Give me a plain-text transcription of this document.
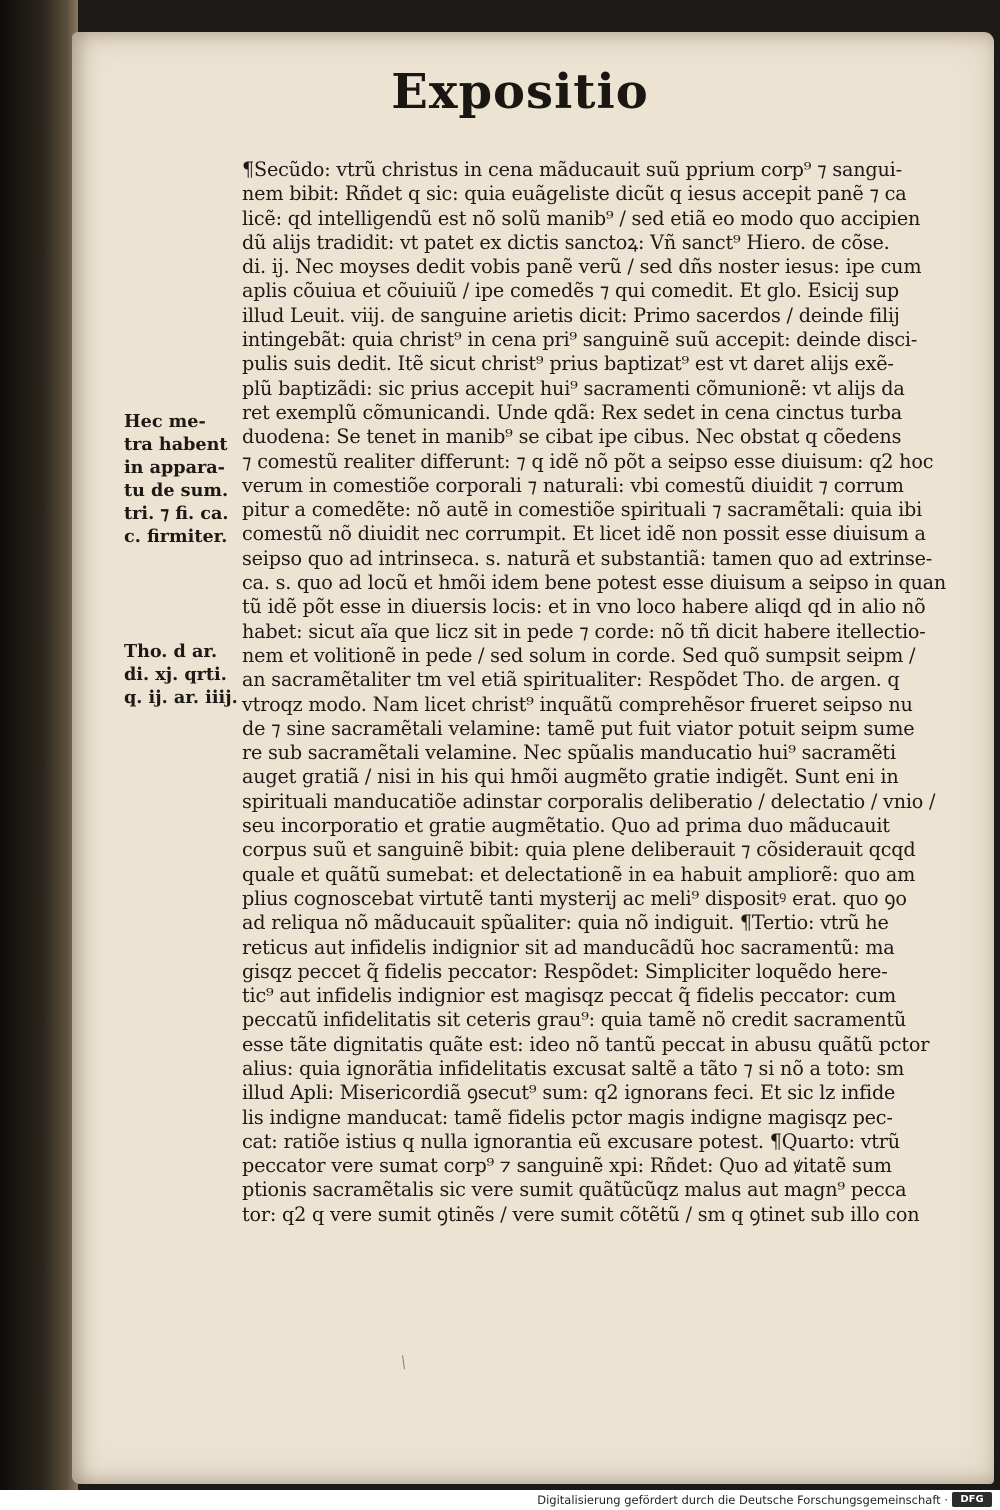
Expositio
¶Secũdo: vtrũ christus in cena mãducauit suũ pprium corp⁹ ⁊ sangui-
nem bibit: Rñdet q sic: quia euãgeliste dicũt q iesus accepit panẽ ⁊ ca
licẽ: qd intelligendũ est nõ solũ manib⁹ / sed etiã eo modo quo accipien
dũ alijs tradidit: vt patet ex dictis sanctoꝝ: Vñ sanct⁹ Hiero. de cõse.
di. ij. Nec moyses dedit vobis panẽ verũ / sed dñs noster iesus: ipe cum
aplis cõuiua et cõuiuiũ / ipe comedẽs ⁊ qui comedit. Et glo. Esicij sup
illud Leuit. viij. de sanguine arietis dicit: Primo sacerdos / deinde filij
intingebãt: quia christ⁹ in cena pri⁹ sanguinẽ suũ accepit: deinde disci-
pulis suis dedit. Itẽ sicut christ⁹ prius baptizat⁹ est vt daret alijs exẽ-
plũ baptizãdi: sic prius accepit hui⁹ sacramenti cõmunionẽ: vt alijs da
ret exemplũ cõmunicandi. Unde qdã: Rex sedet in cena cinctus turba
duodena: Se tenet in manib⁹ se cibat ipe cibus. Nec obstat q cõedens
⁊ comestũ realiter differunt: ⁊ q idẽ nõ põt a seipso esse diuisum: q2 hoc
verum in comestiõe corporali ⁊ naturali: vbi comestũ diuidit ⁊ corrum
pitur a comedẽte: nõ autẽ in comestiõe spirituali ⁊ sacramẽtali: quia ibi
comestũ nõ diuidit nec corrumpit. Et licet idẽ non possit esse diuisum a
seipso quo ad intrinseca. s. naturã et substantiã: tamen quo ad extrinse-
ca. s. quo ad locũ et hmõi idem bene potest esse diuisum a seipso in quan
tũ idẽ põt esse in diuersis locis: et in vno loco habere aliqd qd in alio nõ
habet: sicut aĩa que licz sit in pede ⁊ corde: nõ tñ dicit habere itellectio-
nem et volitionẽ in pede / sed solum in corde. Sed quõ sumpsit seipm /
an sacramẽtaliter tm vel etiã spiritualiter: Respõdet Tho. de argen. q
vtroqz modo. Nam licet christ⁹ inquãtũ comprehẽsor frueret seipso nu
de ⁊ sine sacramẽtali velamine: tamẽ put fuit viator potuit seipm sume
re sub sacramẽtali velamine. Nec spũalis manducatio hui⁹ sacramẽti
auget gratiã / nisi in his qui hmõi augmẽto gratie indigẽt. Sunt eni in
spirituali manducatiõe adinstar corporalis deliberatio / delectatio / vnio /
seu incorporatio et gratie augmẽtatio. Quo ad prima duo mãducauit
corpus suũ et sanguinẽ bibit: quia plene deliberauit ⁊ cõsiderauit qcqd
quale et quãtũ sumebat: et delectationẽ in ea habuit ampliorẽ: quo am
plius cognoscebat virtutẽ tanti mysterij ac meli⁹ dispositꝰ erat. quo ꝯo
ad reliqua nõ mãducauit spũaliter: quia nõ indiguit. ¶Tertio: vtrũ he
reticus aut infidelis indignior sit ad manducãdũ hoc sacramentũ: ma
gisqz peccet q̃ fidelis peccator: Respõdet: Simpliciter loquẽdo here-
tic⁹ aut infidelis indignior est magisqz peccat q̃ fidelis peccator: cum
peccatũ infidelitatis sit ceteris grau⁹: quia tamẽ nõ credit sacramentũ
esse tãte dignitatis quãte est: ideo nõ tantũ peccat in abusu quãtũ pctor
alius: quia ignorãtia infidelitatis excusat saltẽ a tãto ⁊ si nõ a toto: sm
illud Apli: Misericordiã ꝯsecut⁹ sum: q2 ignorans feci. Et sic lz infide
lis indigne manducat: tamẽ fidelis pctor magis indigne magisqz pec-
cat: ratiõe istius q nulla ignorantia eũ excusare potest. ¶Quarto: vtrũ
peccator vere sumat corp⁹ ⁊ sanguinẽ xpi: Rñdet: Quo ad ꝟitatẽ sum
ptionis sacramẽtalis sic vere sumit quãtũcũqz malus aut magn⁹ pecca
tor: q2 q vere sumit ꝯtinẽs / vere sumit cõtẽtũ / sm q ꝯtinet sub illo con
Hec me-
tra habent
in appara-
tu de sum.
tri. ⁊ fi. ca.
c. firmiter.
Tho. d ar.
di. xj. qrti.
q. ij. ar. iiij.
Digitalisierung gefördert durch die Deutsche Forschungsgemeinschaft ·	DFG
